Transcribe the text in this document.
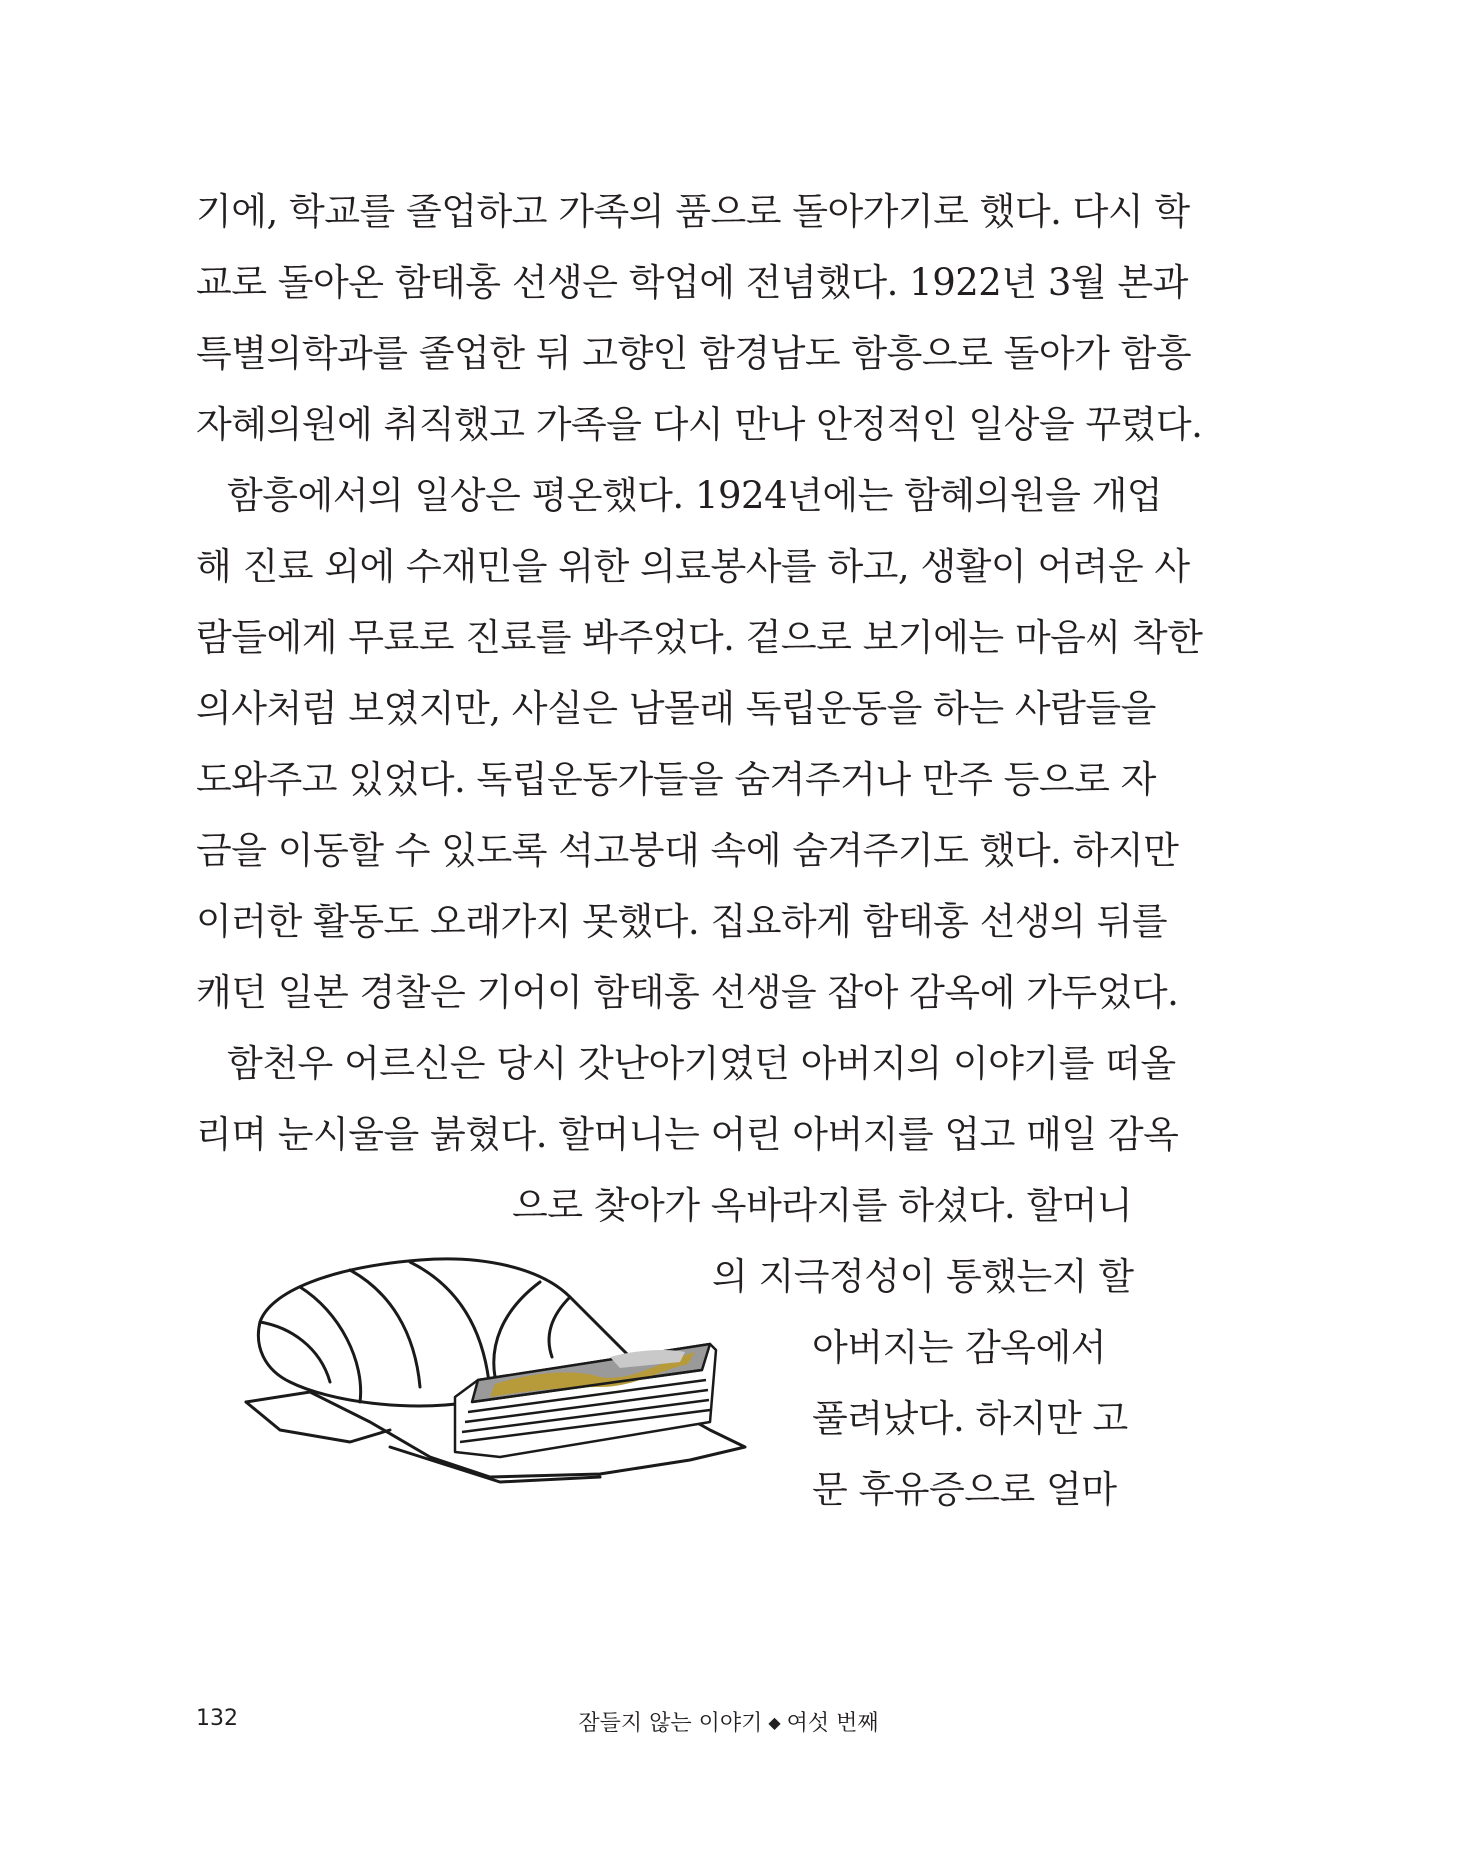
기에, 학교를 졸업하고 가족의 품으로 돌아가기로 했다. 다시 학
교로 돌아온 함태홍 선생은 학업에 전념했다. 1922년 3월 본과
특별의학과를 졸업한 뒤 고향인 함경남도 함흥으로 돌아가 함흥
자혜의원에 취직했고 가족을 다시 만나 안정적인 일상을 꾸렸다.
함흥에서의 일상은 평온했다. 1924년에는 함혜의원을 개업
해 진료 외에 수재민을 위한 의료봉사를 하고, 생활이 어려운 사
람들에게 무료로 진료를 봐주었다. 겉으로 보기에는 마음씨 착한
의사처럼 보였지만, 사실은 남몰래 독립운동을 하는 사람들을
도와주고 있었다. 독립운동가들을 숨겨주거나 만주 등으로 자
금을 이동할 수 있도록 석고붕대 속에 숨겨주기도 했다. 하지만
이러한 활동도 오래가지 못했다. 집요하게 함태홍 선생의 뒤를
캐던 일본 경찰은 기어이 함태홍 선생을 잡아 감옥에 가두었다.
함천우 어르신은 당시 갓난아기였던 아버지의 이야기를 떠올
리며 눈시울을 붉혔다. 할머니는 어린 아버지를 업고 매일 감옥
으로 찾아가 옥바라지를 하셨다. 할머니
의 지극정성이 통했는지 할
아버지는 감옥에서
풀려났다. 하지만 고
문 후유증으로 얼마
132	잠들지 않는 이야기 ◆ 여섯 번째
